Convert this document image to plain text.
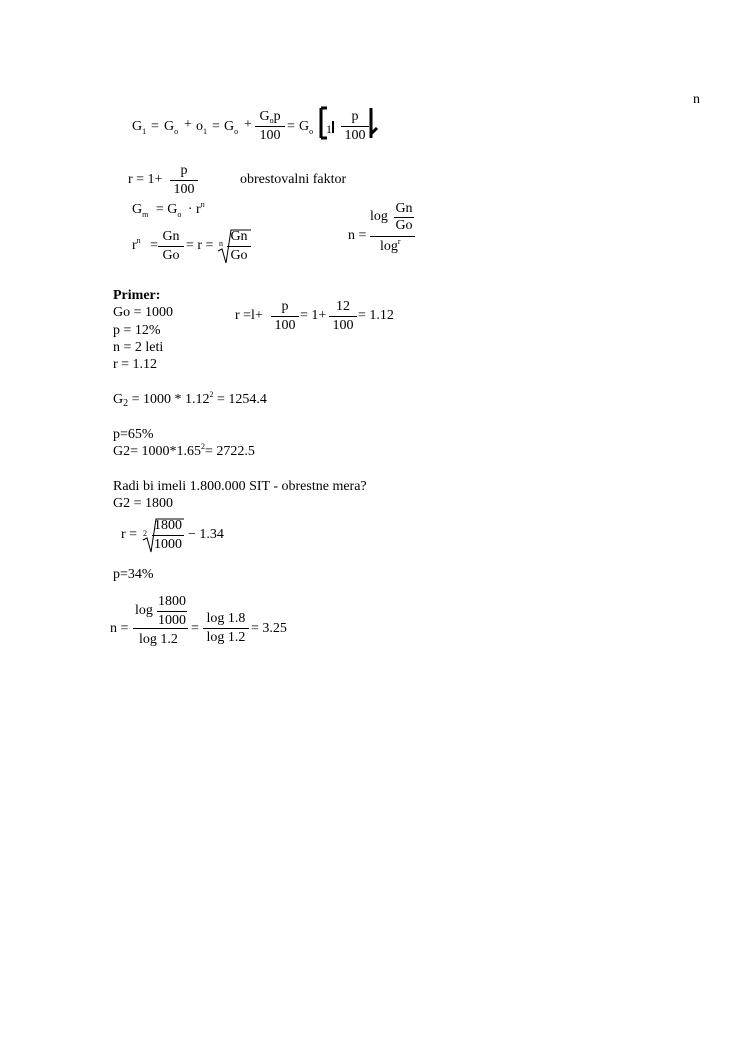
n
$G_1 = G_o + o_1 = G_o$ +
$G_op$
100
= $G_o$ 1
p
100
r = 1+
p
100
obrestovalni faktor
$G_m = G_o \cdot r^n$
n =
log
Gn
Go
$\log^r$
$r^n$ =
Gn
Go
= r = n Gn
Go
Primer:
Go = 1000
p = 12%
n = 2 leti
r = 1.12
r =l+
p
100
= 1+
12
100
= 1.12
$G_2 = 1000 * 1.12^2 = 1254.4$
p=65%
$G2= 1000*1.65^2= 2722.5$
Radi bi imeli 1.800.000 SIT - obrestne mera?
G2 = 1800
r = 2
1800
1000
− 1.34
p=34%
n =
log
1800
1000
log 1.2
=
log 1.8
log 1.2
= 3.25
